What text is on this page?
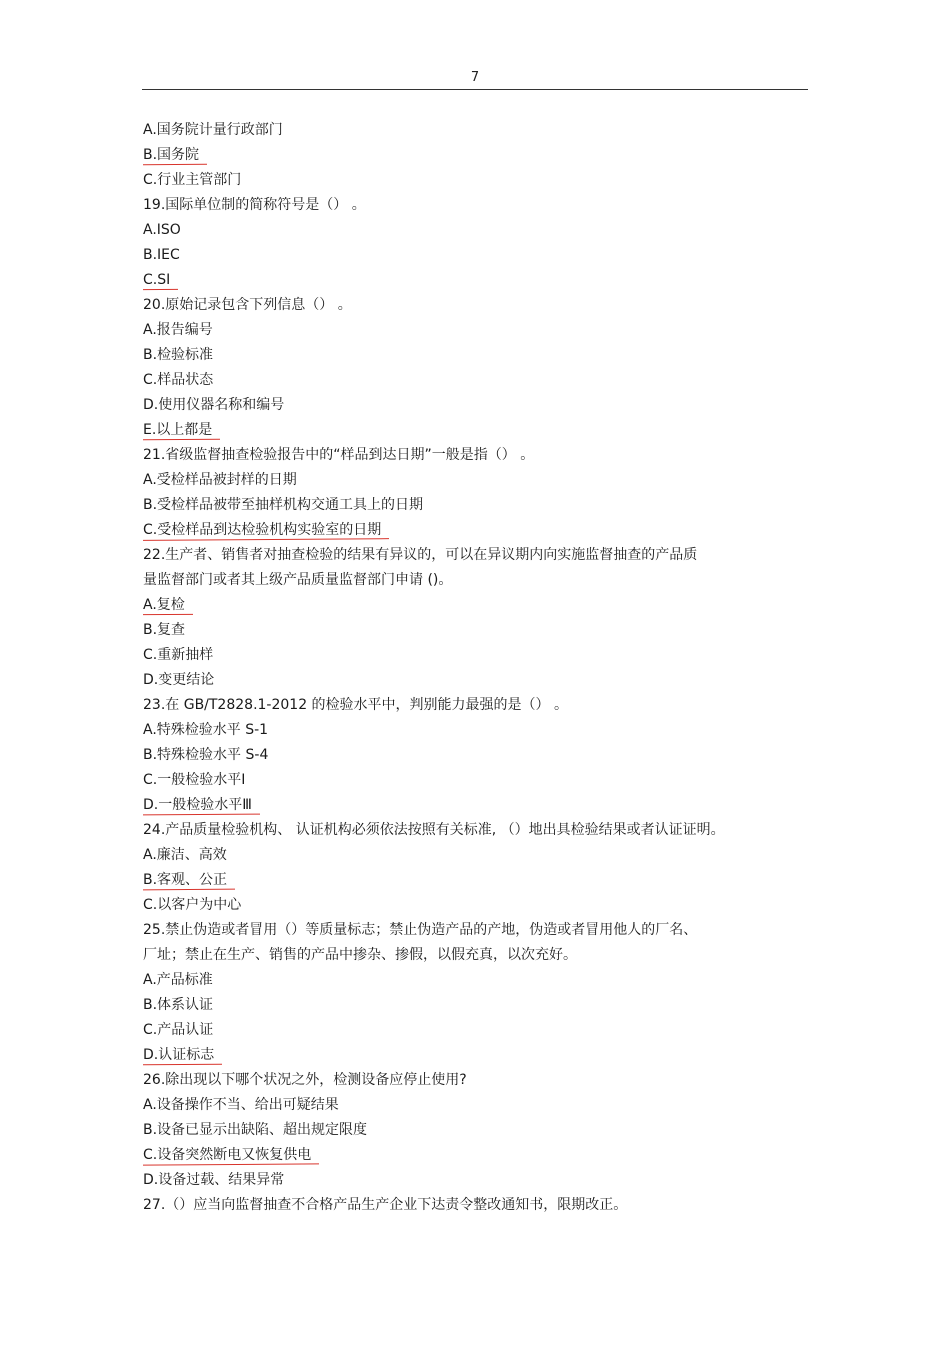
7
A.国务院计量行政部门
B.国务院
C.行业主管部门
19.国际单位制的简称符号是（） 。
A.ISO
B.IEC
C.SI
20.原始记录包含下列信息（） 。
A.报告编号
B.检验标准
C.样品状态
D.使用仪器名称和编号
E.以上都是
21.省级监督抽查检验报告中的“样品到达日期”一般是指（） 。
A.受检样品被封样的日期
B.受检样品被带至抽样机构交通工具上的日期
C.受检样品到达检验机构实验室的日期
22.生产者、销售者对抽查检验的结果有异议的，可以在异议期内向实施监督抽查的产品质
量监督部门或者其上级产品质量监督部门申请 ()。
A.复检
B.复查
C.重新抽样
D.变更结论
23.在 GB/T2828.1-2012 的检验水平中，判别能力最强的是（） 。
A.特殊检验水平 S-1
B.特殊检验水平 S-4
C.一般检验水平Ⅰ
D.一般检验水平Ⅲ
24.产品质量检验机构、 认证机构必须依法按照有关标准, （）地出具检验结果或者认证证明。
A.廉洁、高效
B.客观、公正
C.以客户为中心
25.禁止伪造或者冒用（）等质量标志；禁止伪造产品的产地，伪造或者冒用他人的厂名、
厂址；禁止在生产、销售的产品中掺杂、掺假，以假充真，以次充好。
A.产品标准
B.体系认证
C.产品认证
D.认证标志
26.除出现以下哪个状况之外，检测设备应停止使用?
A.设备操作不当、给出可疑结果
B.设备已显示出缺陷、超出规定限度
C.设备突然断电又恢复供电
D.设备过载、结果异常
27.（）应当向监督抽查不合格产品生产企业下达责令整改通知书，限期改正。
